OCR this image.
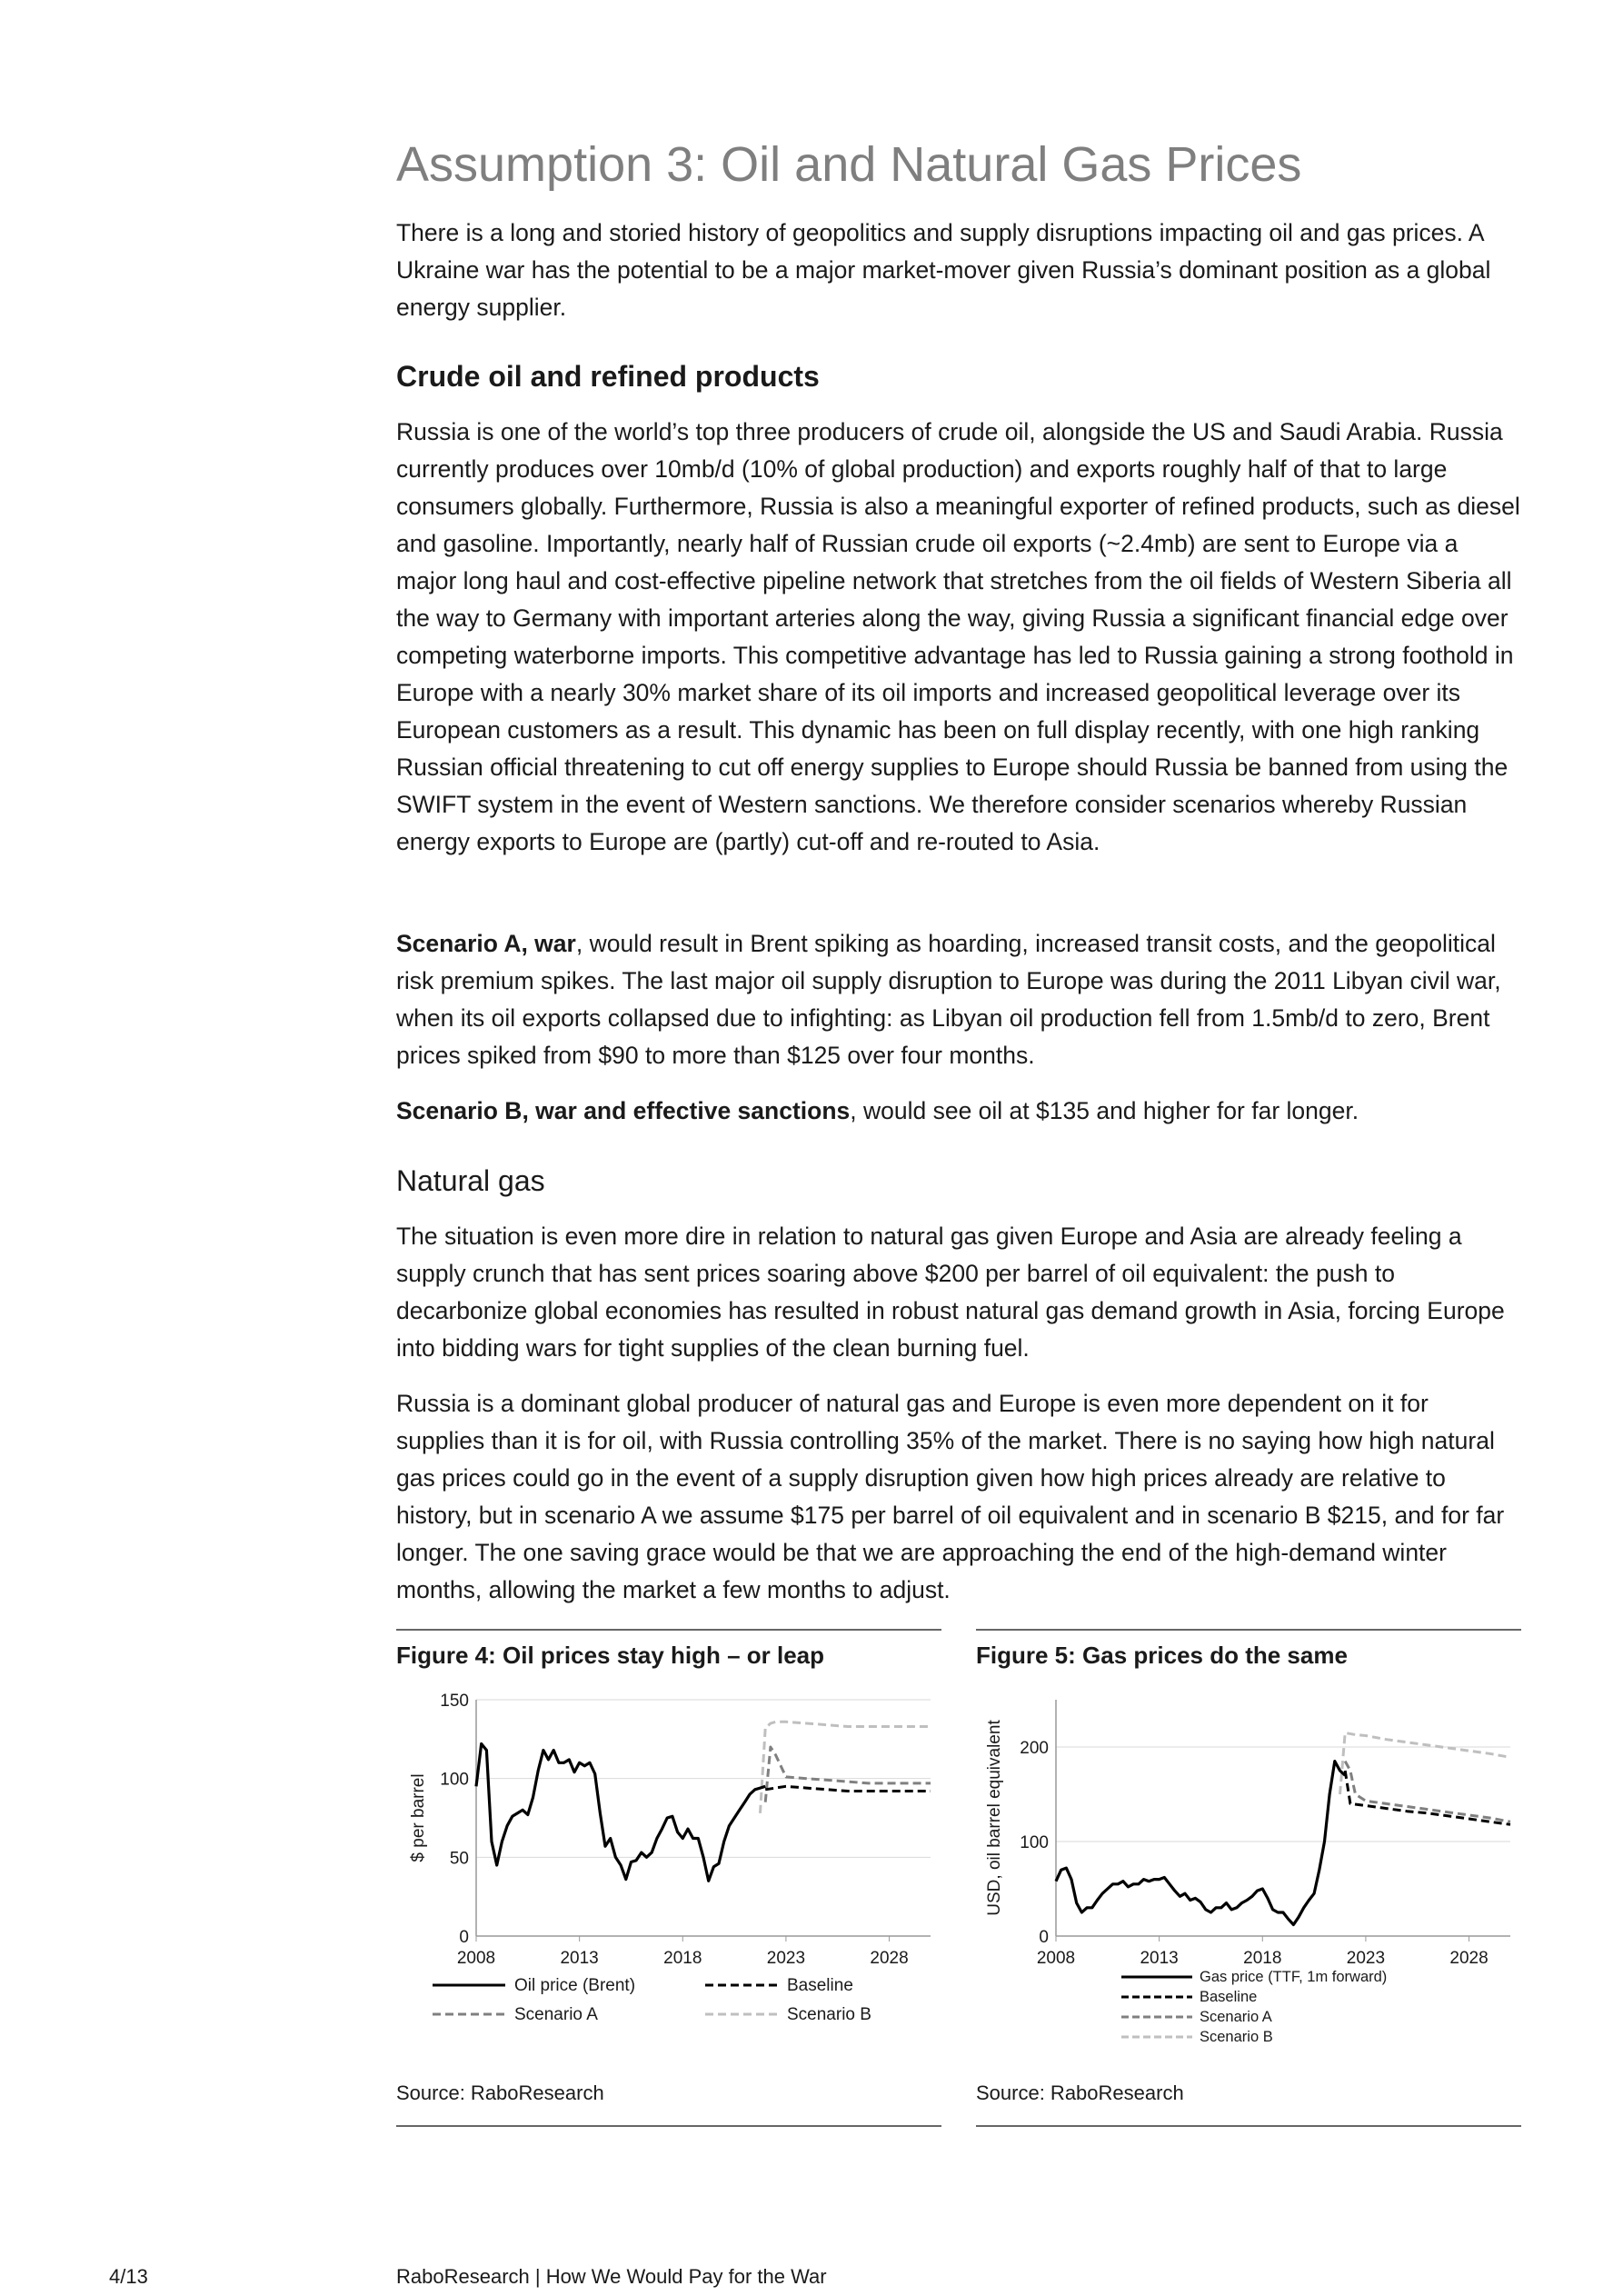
Assumption 3: Oil and Natural Gas Prices

There is a long and storied history of geopolitics and supply disruptions impacting oil and gas prices. A Ukraine war has the potential to be a major market-mover given Russia’s dominant position as a global energy supplier.

Crude oil and refined products

Russia is one of the world’s top three producers of crude oil, alongside the US and Saudi Arabia. Russia currently produces over 10mb/d (10% of global production) and exports roughly half of that to large consumers globally. Furthermore, Russia is also a meaningful exporter of refined products, such as diesel and gasoline. Importantly, nearly half of Russian crude oil exports (~2.4mb) are sent to Europe via a major long haul and cost-effective pipeline network that stretches from the oil fields of Western Siberia all the way to Germany with important arteries along the way, giving Russia a significant financial edge over competing waterborne imports. This competitive advantage has led to Russia gaining a strong foothold in Europe with a nearly 30% market share of its oil imports and increased geopolitical leverage over its European customers as a result. This dynamic has been on full display recently, with one high ranking Russian official threatening to cut off energy supplies to Europe should Russia be banned from using the SWIFT system in the event of Western sanctions. We therefore consider scenarios whereby Russian energy exports to Europe are (partly) cut-off and re-routed to Asia.

Scenario A, war, would result in Brent spiking as hoarding, increased transit costs, and the geopolitical risk premium spikes. The last major oil supply disruption to Europe was during the 2011 Libyan civil war, when its oil exports collapsed due to infighting: as Libyan oil production fell from 1.5mb/d to zero, Brent prices spiked from $90 to more than $125 over four months.

Scenario B, war and effective sanctions, would see oil at $135 and higher for far longer.

Natural gas

The situation is even more dire in relation to natural gas given Europe and Asia are already feeling a supply crunch that has sent prices soaring above $200 per barrel of oil equivalent: the push to decarbonize global economies has resulted in robust natural gas demand growth in Asia, forcing Europe into bidding wars for tight supplies of the clean burning fuel.

Russia is a dominant global producer of natural gas and Europe is even more dependent on it for supplies than it is for oil, with Russia controlling 35% of the market. There is no saying how high natural gas prices could go in the event of a supply disruption given how high prices already are relative to history, but in scenario A we assume $175 per barrel of oil equivalent and in scenario B $215, and for far longer. The one saving grace would be that we are approaching the end of the high-demand winter months, allowing the market a few months to adjust.

Figure 4: Oil prices stay high – or leap
0
50
100
150
2008	2013	2018	2023	2028
$ per barrel
Oil price (Brent)	Baseline
Scenario A	Scenario B
Source: RaboResearch
Figure 5: Gas prices do the same
0
100
200
2008	2013	2018	2023	2028
USD, oil barrel equivalent
Gas price (TTF, 1m forward)
Baseline
Scenario A
Scenario B
Source: RaboResearch
4/13	RaboResearch | How We Would Pay for the War
